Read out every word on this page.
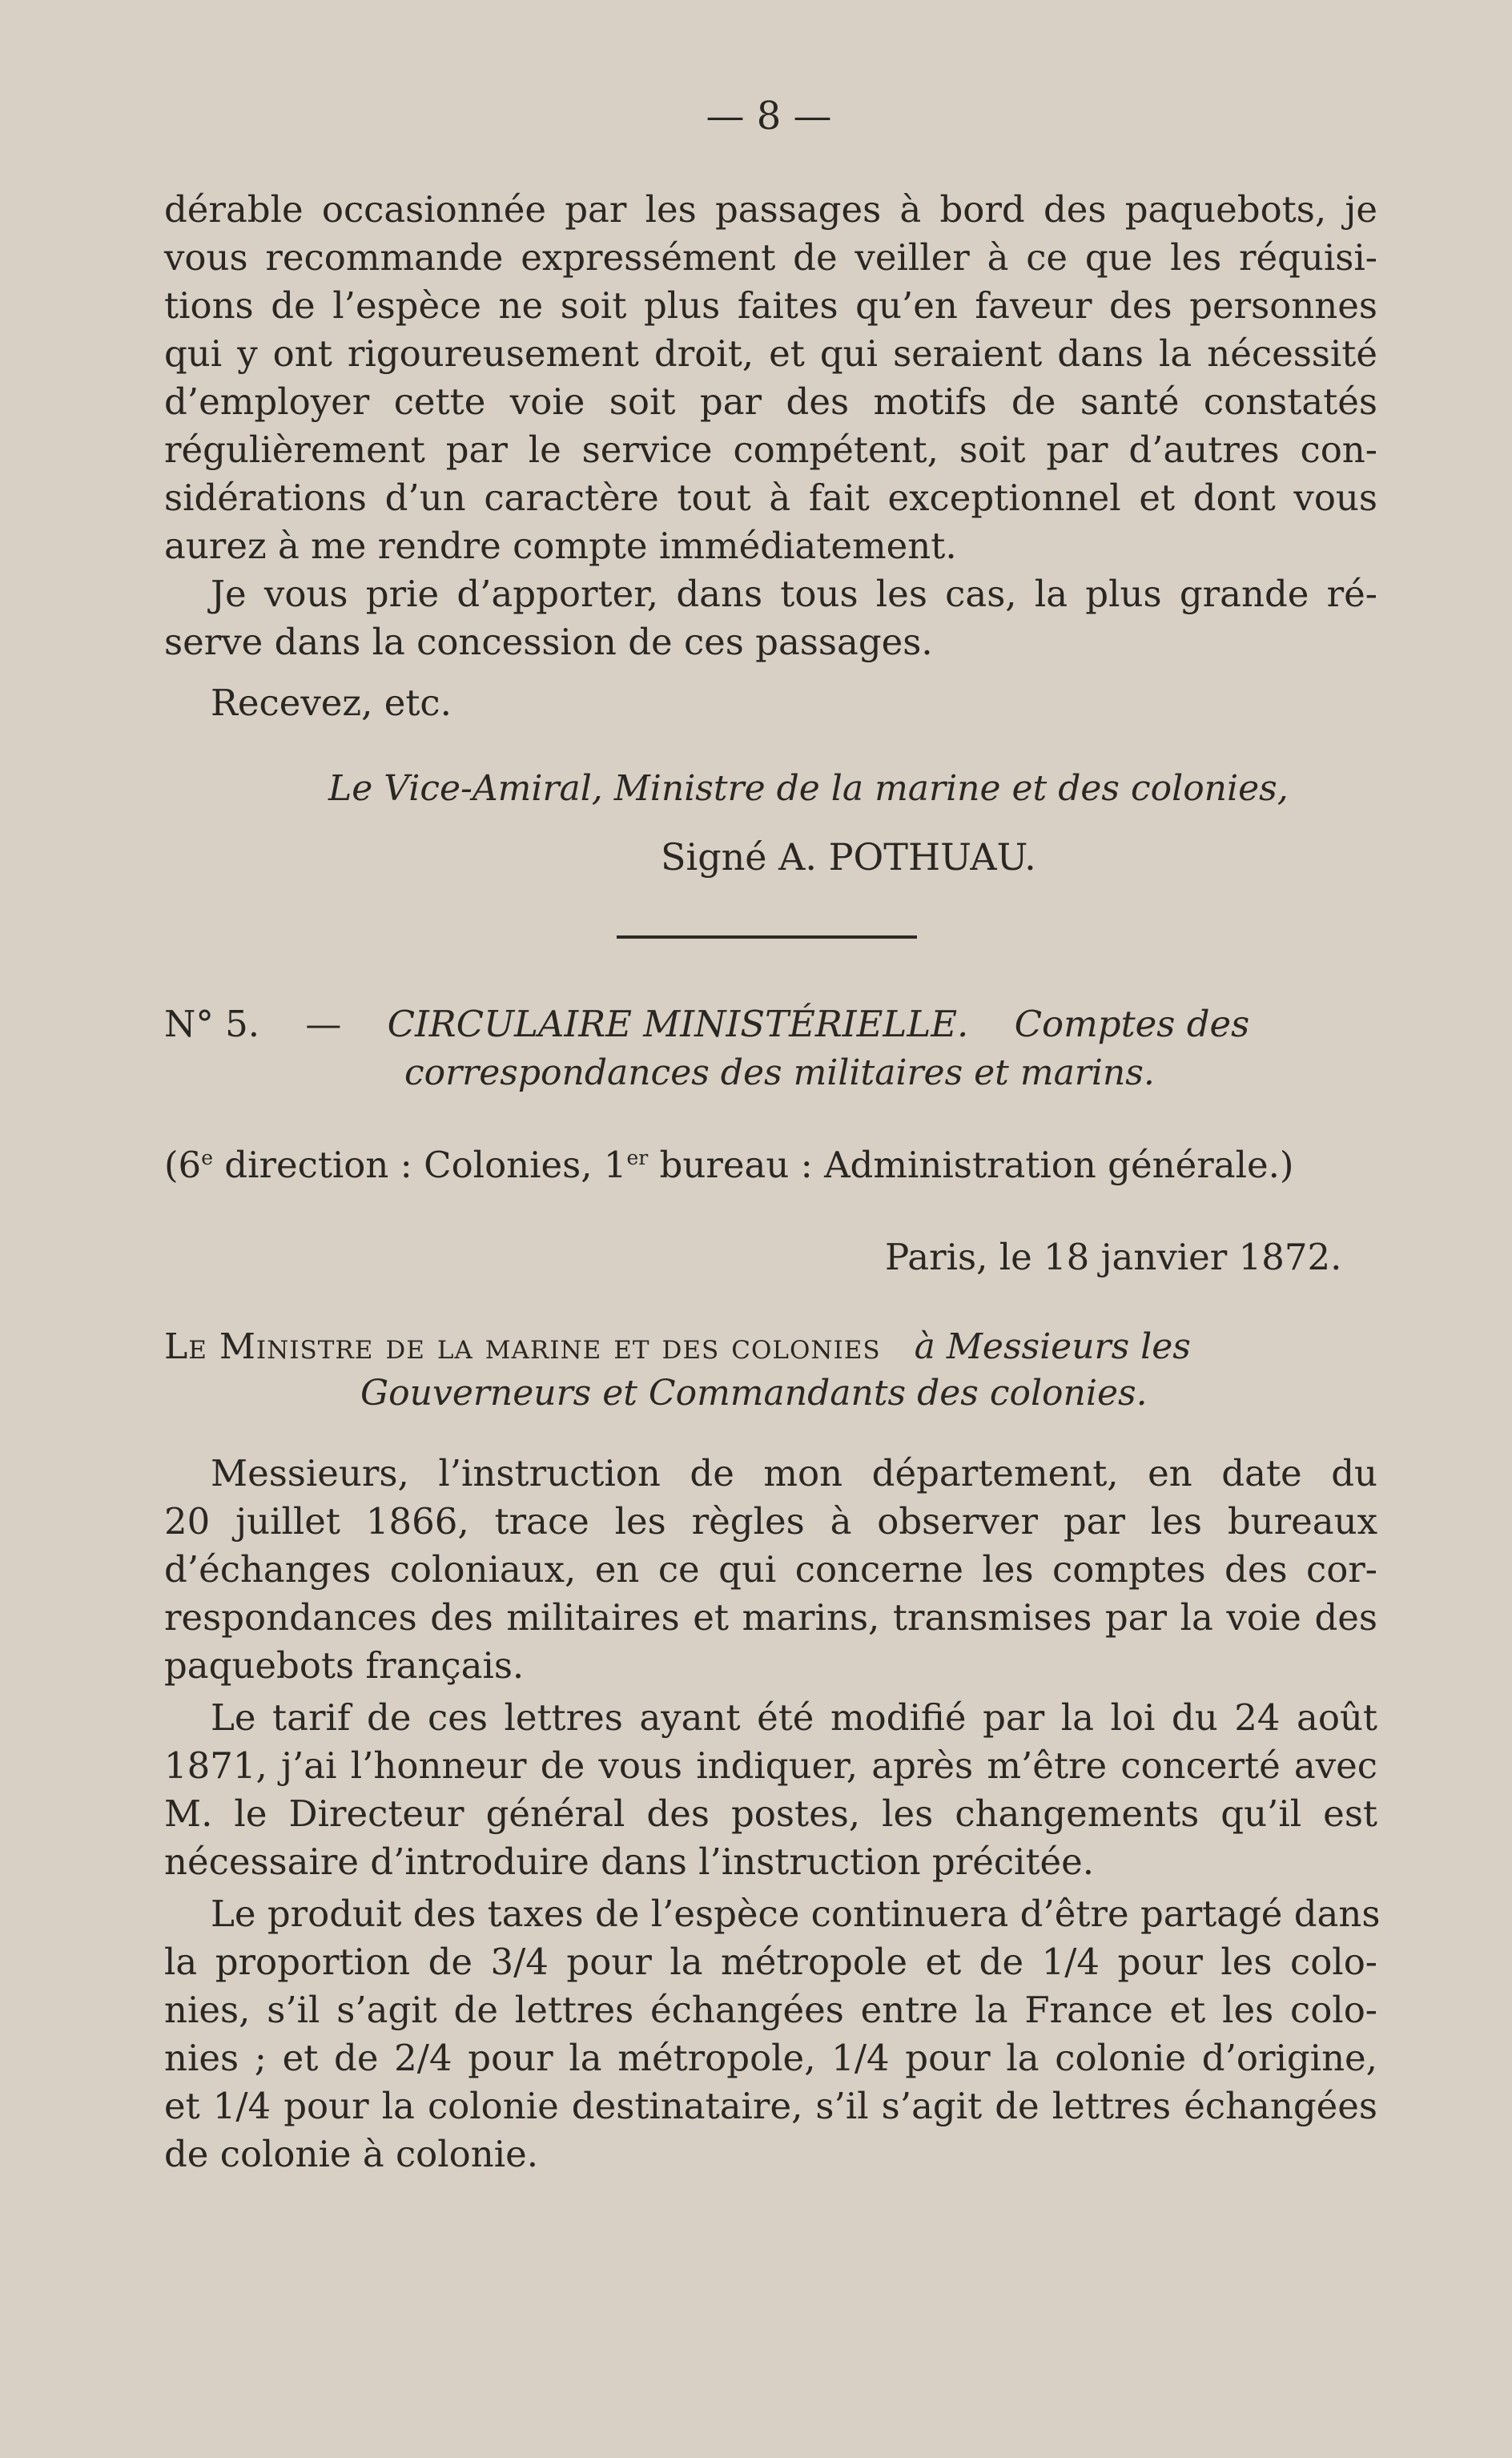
— 8 —
dérable occasionnée par les passages à bord des paquebots, je
vous recommande expressément de veiller à ce que les réquisi-
tions de l’espèce ne soit plus faites qu’en faveur des personnes
qui y ont rigoureusement droit, et qui seraient dans la nécessité
d’employer cette voie soit par des motifs de santé constatés
régulièrement par le service compétent, soit par d’autres con-
sidérations d’un caractère tout à fait exceptionnel et dont vous
aurez à me rendre compte immédiatement.
Je vous prie d’apporter, dans tous les cas, la plus grande ré-
serve dans la concession de ces passages.
Recevez, etc.
Le Vice-Amiral, Ministre de la marine et des colonies,
Signé A. POTHUAU.
N° 5. — CIRCULAIRE MINISTÉRIELLE. Comptes des
correspondances des militaires et marins.
(6e direction : Colonies, 1er bureau : Administration générale.)
Paris, le 18 janvier 1872.
Le Ministre de la marine et des colonies à Messieurs les
Gouverneurs et Commandants des colonies.
Messieurs, l’instruction de mon département, en date du
20 juillet 1866, trace les règles à observer par les bureaux
d’échanges coloniaux, en ce qui concerne les comptes des cor-
respondances des militaires et marins, transmises par la voie des
paquebots français.
Le tarif de ces lettres ayant été modifié par la loi du 24 août
1871, j’ai l’honneur de vous indiquer, après m’être concerté avec
M. le Directeur général des postes, les changements qu’il est
nécessaire d’introduire dans l’instruction précitée.
Le produit des taxes de l’espèce continuera d’être partagé dans
la proportion de 3/4 pour la métropole et de 1/4 pour les colo-
nies, s’il s’agit de lettres échangées entre la France et les colo-
nies ; et de 2/4 pour la métropole, 1/4 pour la colonie d’origine,
et 1/4 pour la colonie destinataire, s’il s’agit de lettres échangées
de colonie à colonie.
